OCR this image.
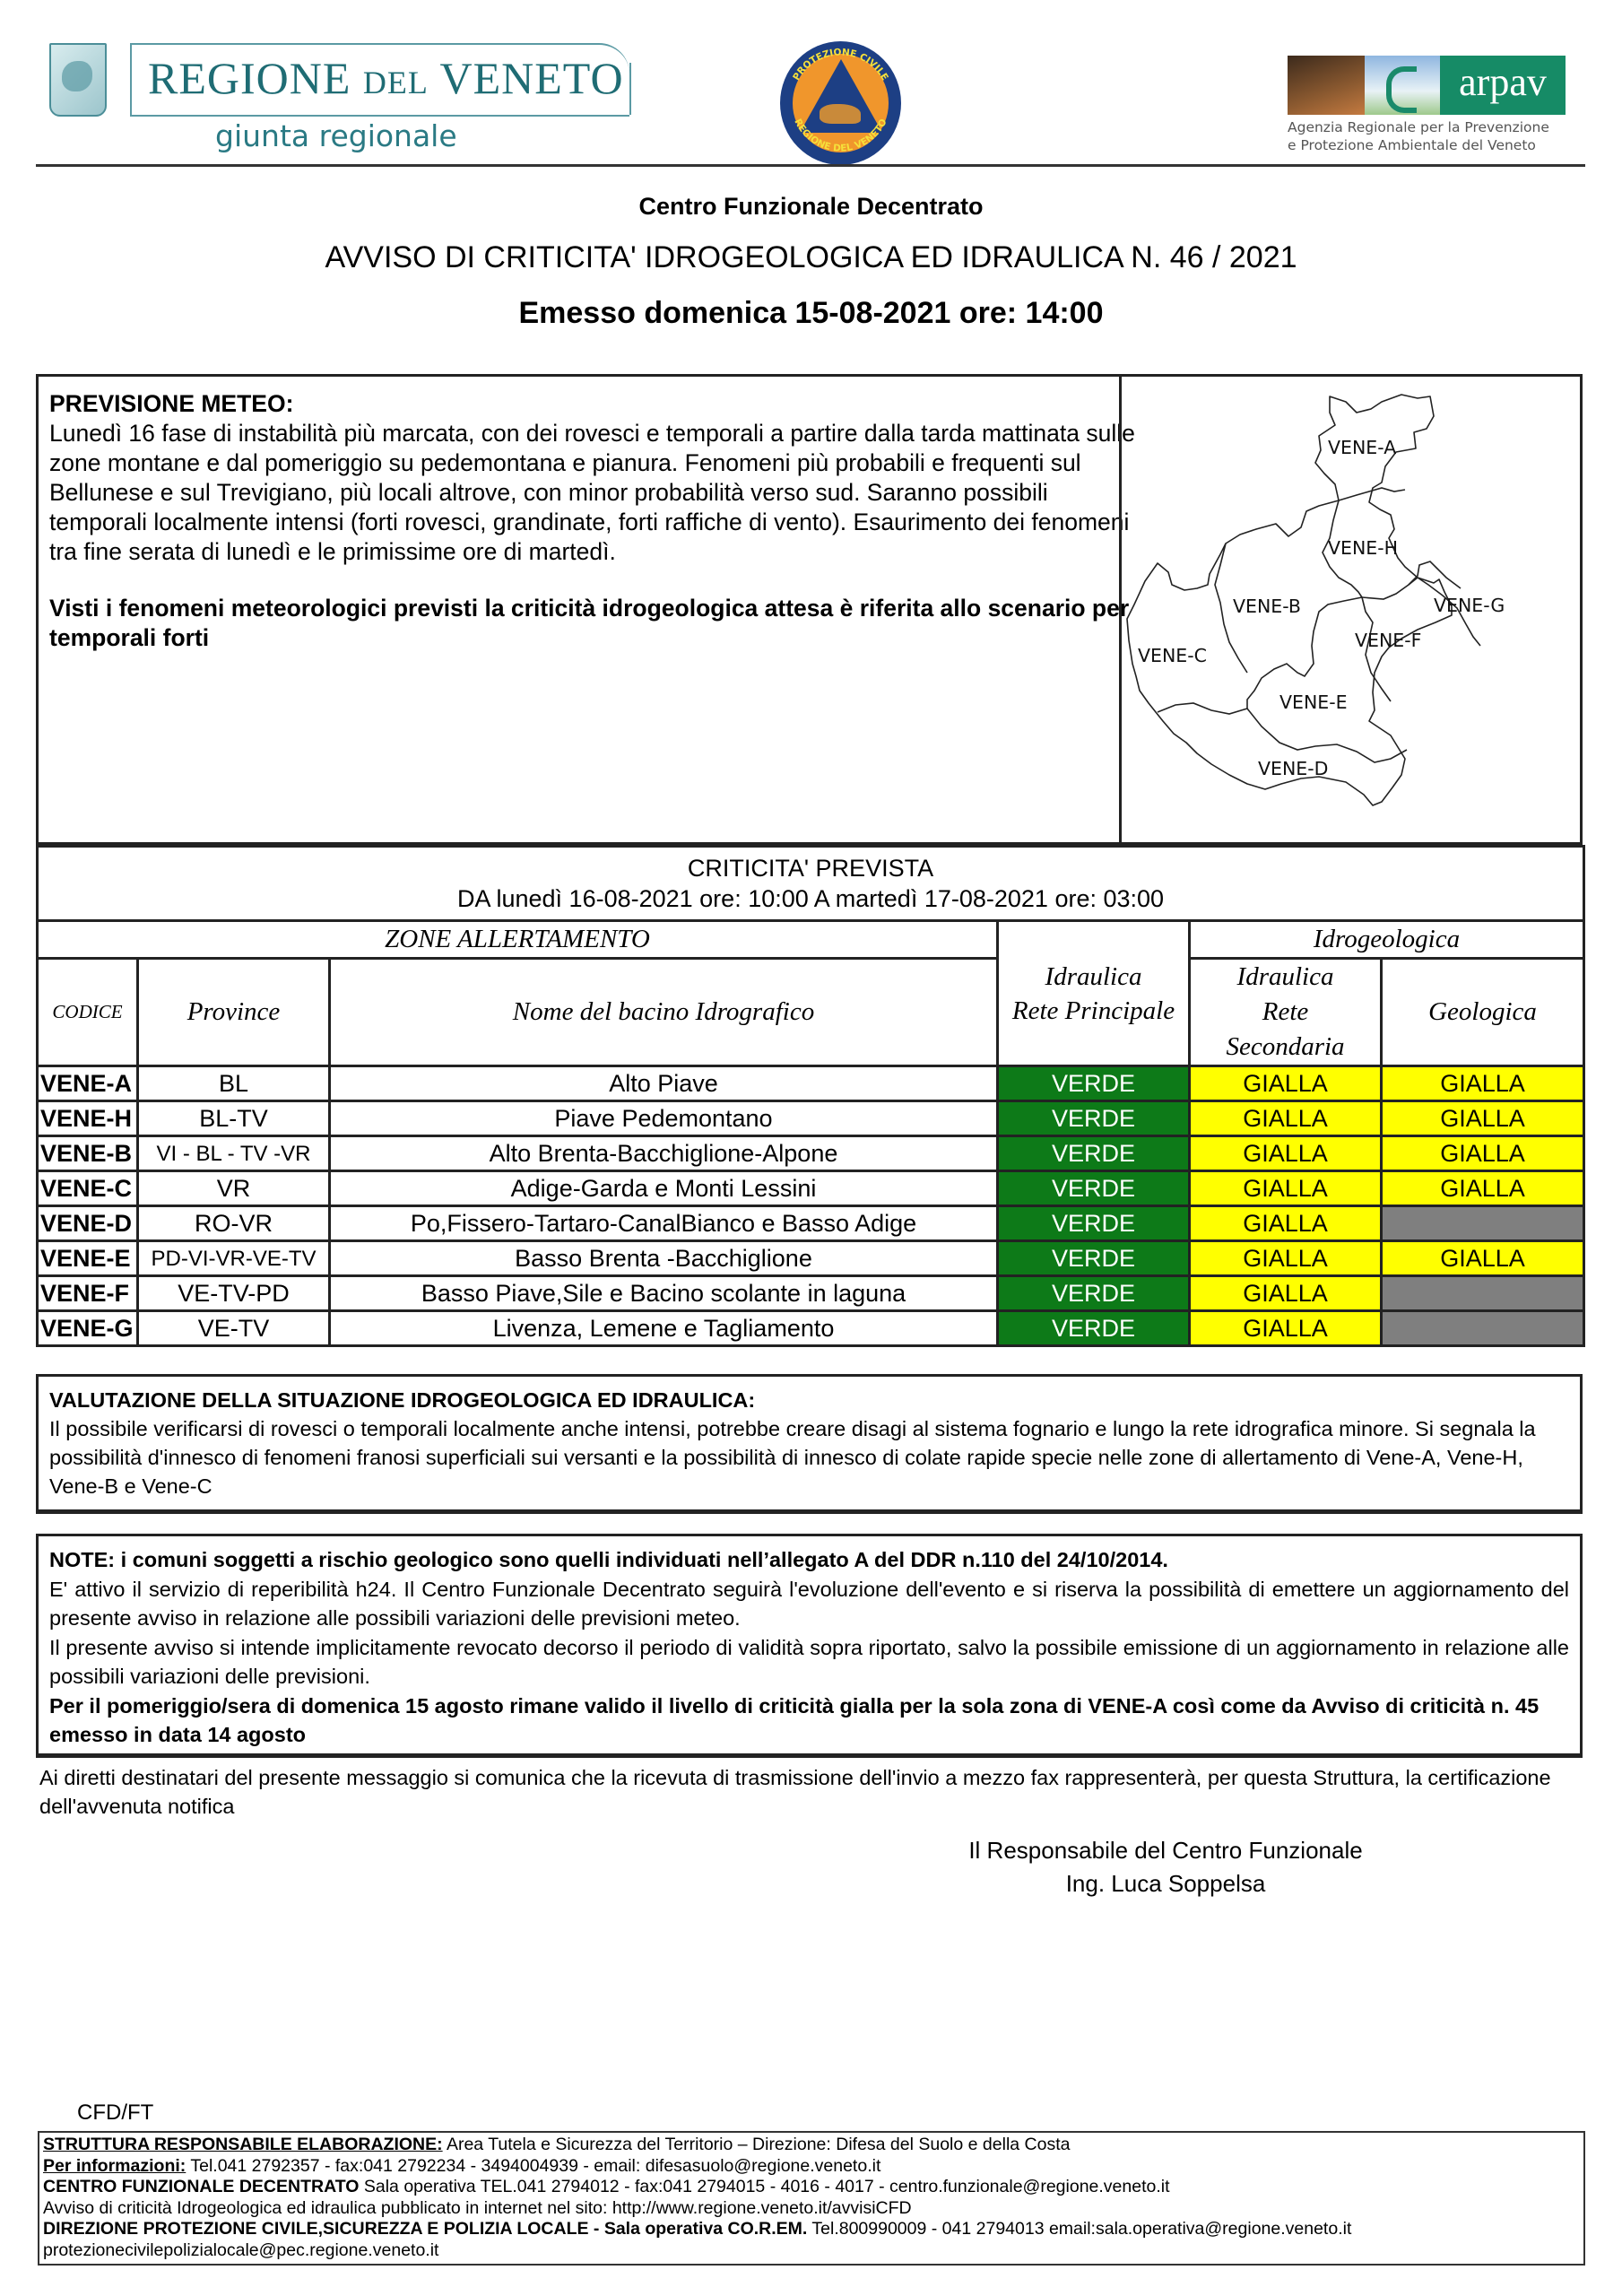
REGIONE DEL VENETO
giunta regionale
PROTEZIONE CIVILE
REGIONE DEL VENETO
arpav
Agenzia Regionale per la Prevenzione
e Protezione Ambientale del Veneto
Centro Funzionale Decentrato
AVVISO DI CRITICITA' IDROGEOLOGICA ED IDRAULICA N. 46 / 2021
Emesso domenica 15-08-2021 ore: 14:00
PREVISIONE METEO:
Lunedì 16 fase di instabilità più marcata, con dei rovesci e temporali a partire dalla tarda mattinata sulle zone montane e dal pomeriggio su pedemontana e pianura. Fenomeni più probabili e frequenti sul Bellunese e sul Trevigiano, più locali altrove, con minor probabilità verso sud. Saranno possibili temporali localmente intensi (forti rovesci, grandinate, forti raffiche di vento). Esaurimento dei fenomeni tra fine serata di lunedì e le primissime ore di martedì.
Visti i fenomeni meteorologici previsti la criticità idrogeologica attesa è riferita allo scenario per temporali forti
VENE-A
VENE-H
VENE-B	VENE-G
VENE-F
VENE-C
VENE-E
VENE-D
CRITICITA' PREVISTA
DA lunedì 16-08-2021 ore: 10:00 A martedì 17-08-2021 ore: 03:00					

ZONE ALLERTAMENTO			Idraulica
Rete Principale	Idrogeologica	
CODICE	Province	Nome del bacino Idrografico		Idraulica
Rete
Secondaria	Geologica
VENE-A	BL	Alto Piave	VERDE	GIALLA	GIALLA
VENE-H	BL-TV	Piave Pedemontano	VERDE	GIALLA	GIALLA
VENE-B	VI - BL - TV -VR	Alto Brenta-Bacchiglione-Alpone	VERDE	GIALLA	GIALLA
VENE-C	VR	Adige-Garda e Monti Lessini	VERDE	GIALLA	GIALLA
VENE-D	RO-VR	Po,Fissero-Tartaro-CanalBianco e Basso Adige	VERDE	GIALLA	
VENE-E	PD-VI-VR-VE-TV	Basso Brenta -Bacchiglione	VERDE	GIALLA	GIALLA
VENE-F	VE-TV-PD	Basso Piave,Sile e Bacino scolante in laguna	VERDE	GIALLA	
VENE-G	VE-TV	Livenza, Lemene e Tagliamento	VERDE	GIALLA	
VALUTAZIONE DELLA SITUAZIONE IDROGEOLOGICA ED IDRAULICA:
Il possibile verificarsi di rovesci o temporali localmente anche intensi, potrebbe creare disagi al sistema fognario e lungo la rete idrografica minore. Si segnala la possibilità d'innesco di fenomeni franosi superficiali sui versanti e la possibilità di innesco di colate rapide specie nelle zone di allertamento di Vene-A, Vene-H, Vene-B e Vene-C

NOTE: i comuni soggetti a rischio geologico sono quelli individuati nell’allegato A del DDR n.110 del 24/10/2014.

E' attivo il servizio di reperibilità h24. Il Centro Funzionale Decentrato seguirà l'evoluzione dell'evento e si riserva la possibilità di emettere un aggiornamento del presente avviso in relazione alle possibili variazioni delle previsioni meteo.

Il presente avviso si intende implicitamente revocato decorso il periodo di validità sopra riportato, salvo la possibile emissione di un aggiornamento in relazione alle possibili variazioni delle previsioni.

Per il pomeriggio/sera di domenica 15 agosto rimane valido il livello di criticità gialla per la sola zona di VENE-A così come da Avviso di criticità n. 45 emesso in data 14 agosto

Ai diretti destinatari del presente messaggio si comunica che la ricevuta di trasmissione dell'invio a mezzo fax rappresenterà, per questa Struttura, la certificazione dell'avvenuta notifica
Il Responsabile del Centro Funzionale
Ing. Luca Soppelsa
CFD/FT
STRUTTURA RESPONSABILE ELABORAZIONE: Area Tutela e Sicurezza del Territorio – Direzione: Difesa del Suolo e della Costa
Per informazioni: Tel.041 2792357 - fax:041 2792234 - 3494004939 - email: difesasuolo@regione.veneto.it
CENTRO FUNZIONALE DECENTRATO Sala operativa TEL.041 2794012 - fax:041 2794015 - 4016 - 4017 - centro.funzionale@regione.veneto.it
Avviso di criticità Idrogeologica ed idraulica pubblicato in internet nel sito: http://www.regione.veneto.it/avvisiCFD
DIREZIONE PROTEZIONE CIVILE,SICUREZZA E POLIZIA LOCALE - Sala operativa CO.R.EM. Tel.800990009 - 041 2794013 email:sala.operativa@regione.veneto.it
protezionecivilepolizialocale@pec.regione.veneto.it
